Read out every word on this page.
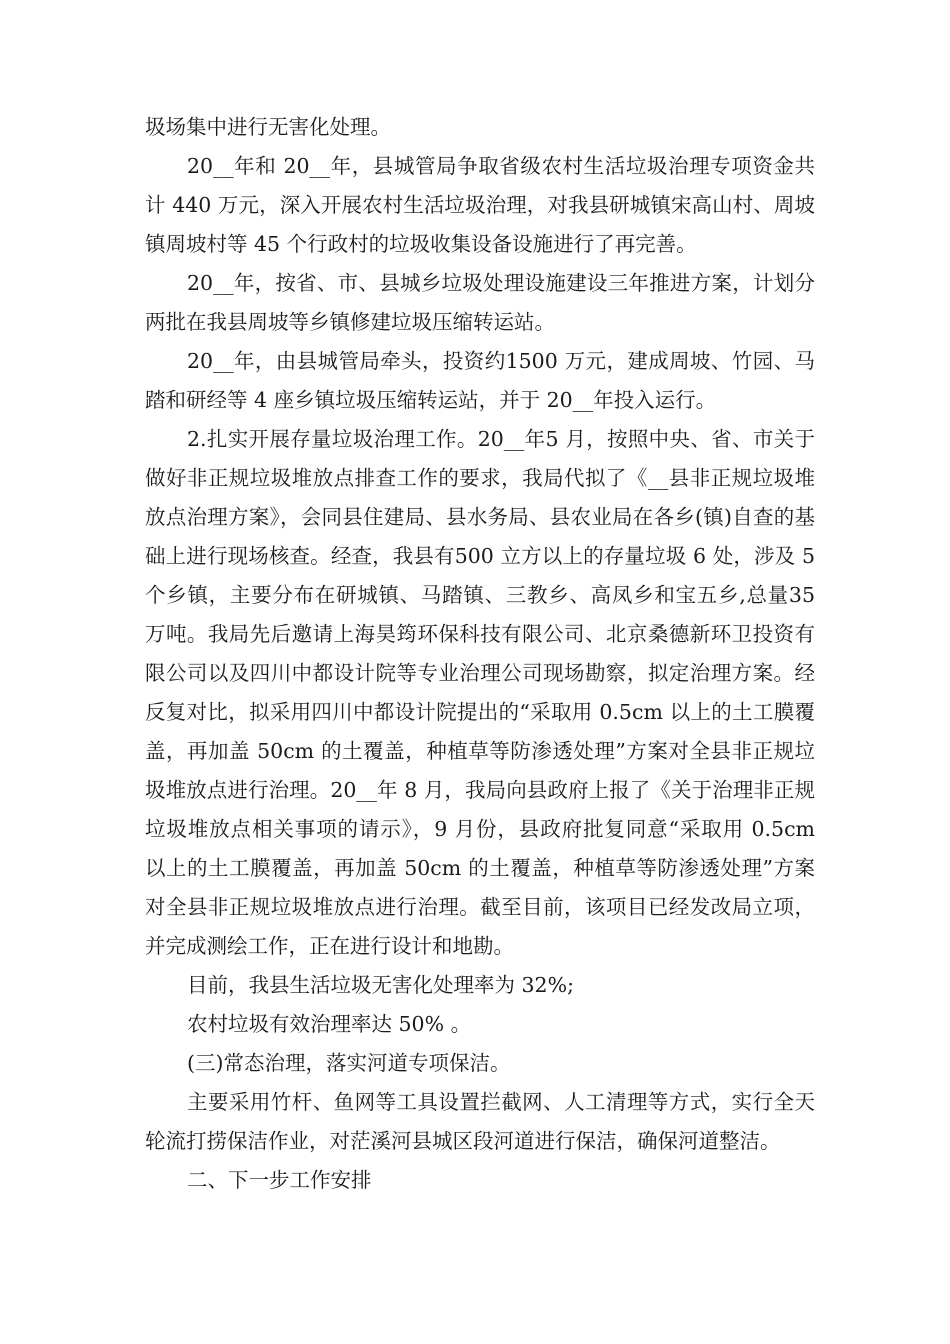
圾场集中进行无害化处理。

20__年和 20__年，县城管局争取省级农村生活垃圾治理专项资金共计 440 万元，深入开展农村生活垃圾治理，对我县研城镇宋高山村、周坡镇周坡村等 45 个行政村的垃圾收集设备设施进行了再完善。

20__年，按省、市、县城乡垃圾处理设施建设三年推进方案，计划分两批在我县周坡等乡镇修建垃圾压缩转运站。

20__年，由县城管局牵头，投资约1500 万元，建成周坡、竹园、马踏和研经等 4 座乡镇垃圾压缩转运站，并于 20__年投入运行。

2.扎实开展存量垃圾治理工作。20__年5 月，按照中央、省、市关于做好非正规垃圾堆放点排查工作的要求，我局代拟了《__县非正规垃圾堆放点治理方案》，会同县住建局、县水务局、县农业局在各乡(镇)自查的基础上进行现场核查。经查，我县有500 立方以上的存量垃圾 6 处，涉及 5 个乡镇，主要分布在研城镇、马踏镇、三教乡、高凤乡和宝五乡,总量35 万吨。我局先后邀请上海昊筠环保科技有限公司、北京桑德新环卫投资有限公司以及四川中都设计院等专业治理公司现场勘察，拟定治理方案。经反复对比，拟采用四川中都设计院提出的“采取用 0.5cm 以上的土工膜覆盖，再加盖 50cm 的土覆盖，种植草等防渗透处理”方案对全县非正规垃圾堆放点进行治理。20__年 8 月，我局向县政府上报了《关于治理非正规垃圾堆放点相关事项的请示》，9 月份，县政府批复同意“采取用 0.5cm 以上的土工膜覆盖，再加盖 50cm 的土覆盖，种植草等防渗透处理”方案对全县非正规垃圾堆放点进行治理。截至目前，该项目已经发改局立项，并完成测绘工作，正在进行设计和地勘。

目前，我县生活垃圾无害化处理率为 32%;

农村垃圾有效治理率达 50% 。

(三)常态治理，落实河道专项保洁。

主要采用竹杆、鱼网等工具设置拦截网、人工清理等方式，实行全天轮流打捞保洁作业，对茫溪河县城区段河道进行保洁，确保河道整洁。

二、下一步工作安排
